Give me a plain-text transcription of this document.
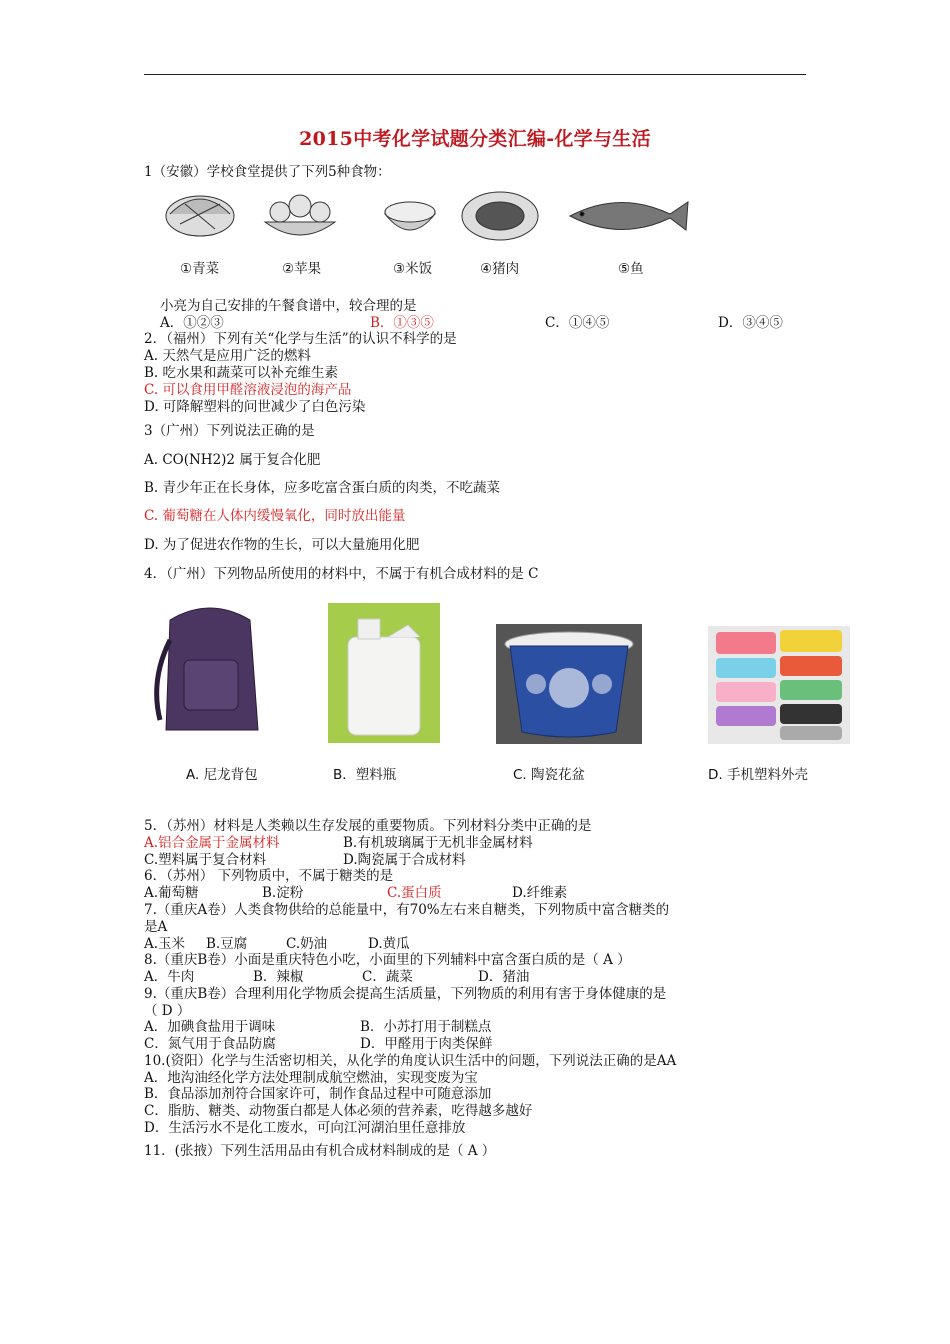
2015中考化学试题分类汇编-化学与生活
1（安徽）学校食堂提供了下列5种食物：
①青菜	②苹果	③米饭	④猪肉	⑤鱼
小亮为自己安排的午餐食谱中，较合理的是
A．①②③	B．①③⑤	C．①④⑤	D．③④⑤
2．（福州）下列有关“化学与生活”的认识不科学的是
A. 天然气是应用广泛的燃料
B. 吃水果和蔬菜可以补充维生素
C. 可以食用甲醛溶液浸泡的海产品
D. 可降解塑料的问世减少了白色污染
3（广州）下列说法正确的是
A. CO(NH2)2 属于复合化肥
B. 青少年正在长身体，应多吃富含蛋白质的肉类，不吃蔬菜
C. 葡萄糖在人体内缓慢氧化，同时放出能量
D. 为了促进农作物的生长，可以大量施用化肥
4．（广州）下列物品所使用的材料中，不属于有机合成材料的是 C
A. 尼龙背包	B．塑料瓶	C. 陶瓷花盆	D. 手机塑料外壳
5．（苏州）材料是人类赖以生存发展的重要物质。下列材料分类中正确的是
A.铝合金属于金属材料	B.有机玻璃属于无机非金属材料
C.塑料属于复合材料	D.陶瓷属于合成材料
6．（苏州） 下列物质中，不属于糖类的是
A.葡萄糖	B.淀粉	C.蛋白质	D.纤维素
7.（重庆A卷）人类食物供给的总能量中，有70%左右来自糖类，下列物质中富含糖类的
是A
A.玉米 B.豆腐	C.奶油	D.黄瓜
8.（重庆B卷）小面是重庆特色小吃，小面里的下列辅料中富含蛋白质的是（ A ）
A．牛肉	B．辣椒	C．蔬菜	D．猪油
9.（重庆B卷）合理利用化学物质会提高生活质量，下列物质的利用有害于身体健康的是
（ D ）
A．加碘食盐用于调味	B．小苏打用于制糕点
C．氮气用于食品防腐	D．甲醛用于肉类保鲜
10.(资阳）化学与生活密切相关，从化学的角度认识生活中的问题，下列说法正确的是AA
A．地沟油经化学方法处理制成航空燃油，实现变废为宝
B．食品添加剂符合国家许可，制作食品过程中可随意添加
C．脂肪、糖类、动物蛋白都是人体必须的营养素，吃得越多越好
D．生活污水不是化工废水，可向江河湖泊里任意排放
11．(张掖）下列生活用品由有机合成材料制成的是（ A ）
